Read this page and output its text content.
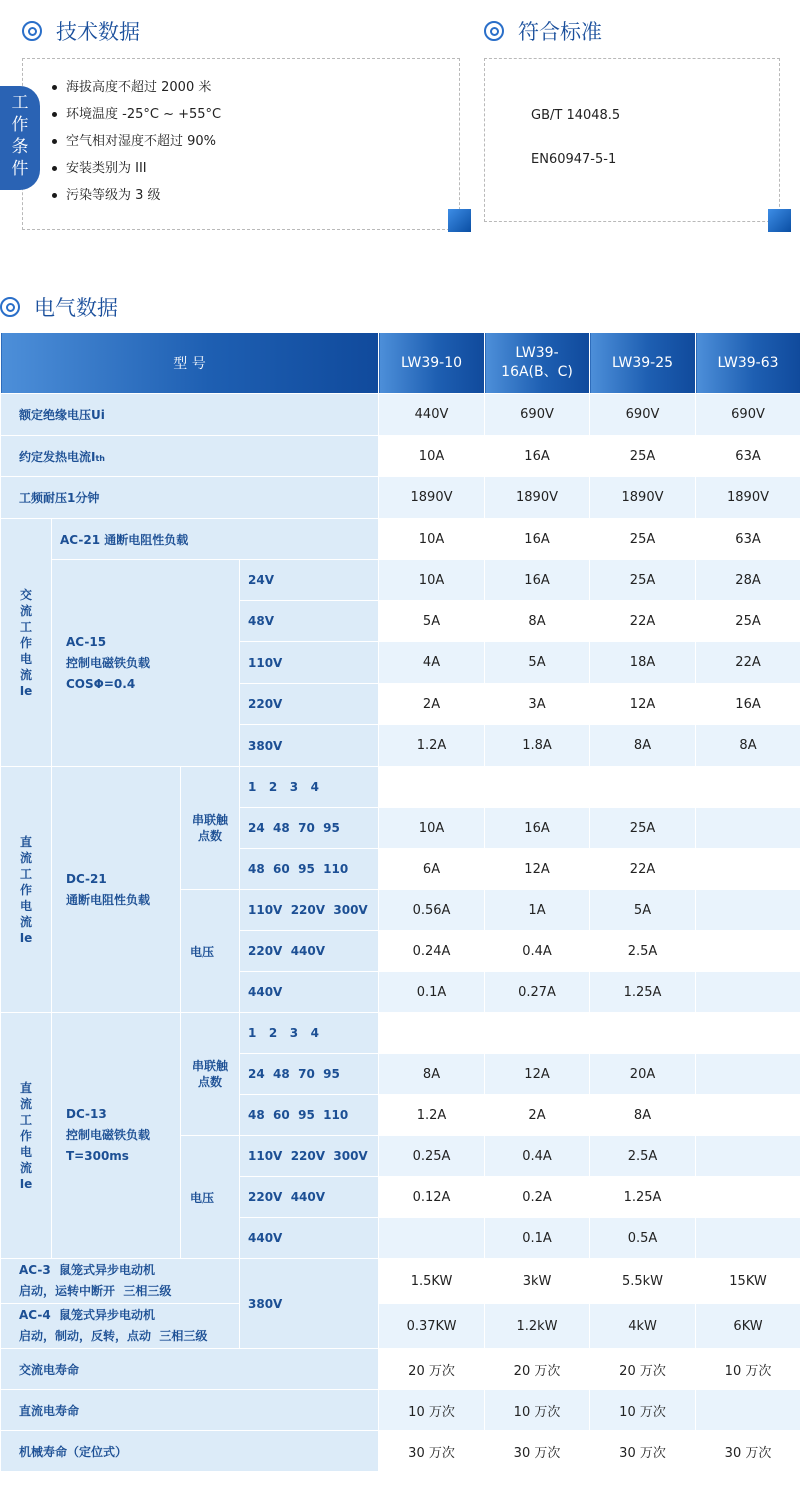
技术数据
工
作
条
件
海拔高度不超过 2000 米
环境温度 -25°C ~ +55°C
空气相对湿度不超过 90%
安装类别为 III
污染等级为 3 级
符合标准
GB/T 14048.5
EN60947-5-1
电气数据
型 号				LW39-10	LW39-16A(B、C)	LW39-25	LW39-63
额定绝缘电压Ui				440V	690V	690V	690V
约定发热电流Ith				10A	16A	25A	63A
工频耐压1分钟				1890V	1890V	1890V	1890V
交流工作电流Ie	AC-21 通断电阻性负载			10A	16A	25A	63A

	AC-15
控制电磁铁负载
COSΦ=0.4		24V	10A	16A	25A	28A
			48V	5A	8A	22A	25A
			110V	4A	5A	18A	22A
			220V	2A	3A	12A	16A
			380V	1.2A	1.8A	8A	8A
直流工作电流Ie	DC-21
通断电阻性负载	串联触点数	1   2   3   4				
			24  48  70  95	10A	16A	25A	
			48  60  95  110	6A	12A	22A	
		电压	110V  220V  300V	0.56A	1A	5A	
			220V  440V	0.24A	0.4A	2.5A	
			440V	0.1A	0.27A	1.25A	
直流工作电流Ie	DC-13
控制电磁铁负载
T=300ms	串联触点数	1   2   3   4				
			24  48  70  95	8A	12A	20A	
			48  60  95  110	1.2A	2A	8A	
		电压	110V  220V  300V	0.25A	0.4A	2.5A	
			220V  440V	0.12A	0.2A	1.25A	
			440V		0.1A	0.5A	

AC-3  鼠笼式异步电动机
启动，运转中断开  三相三级			380V	1.5KW	3kW	5.5kW	15KW

AC-4  鼠笼式异步电动机
启动，制动，反转，点动  三相三级				0.37KW	1.2kW	4kW	6KW
交流电寿命				20 万次	20 万次	20 万次	10 万次
直流电寿命				10 万次	10 万次	10 万次	
机械寿命（定位式）				30 万次	30 万次	30 万次	30 万次
